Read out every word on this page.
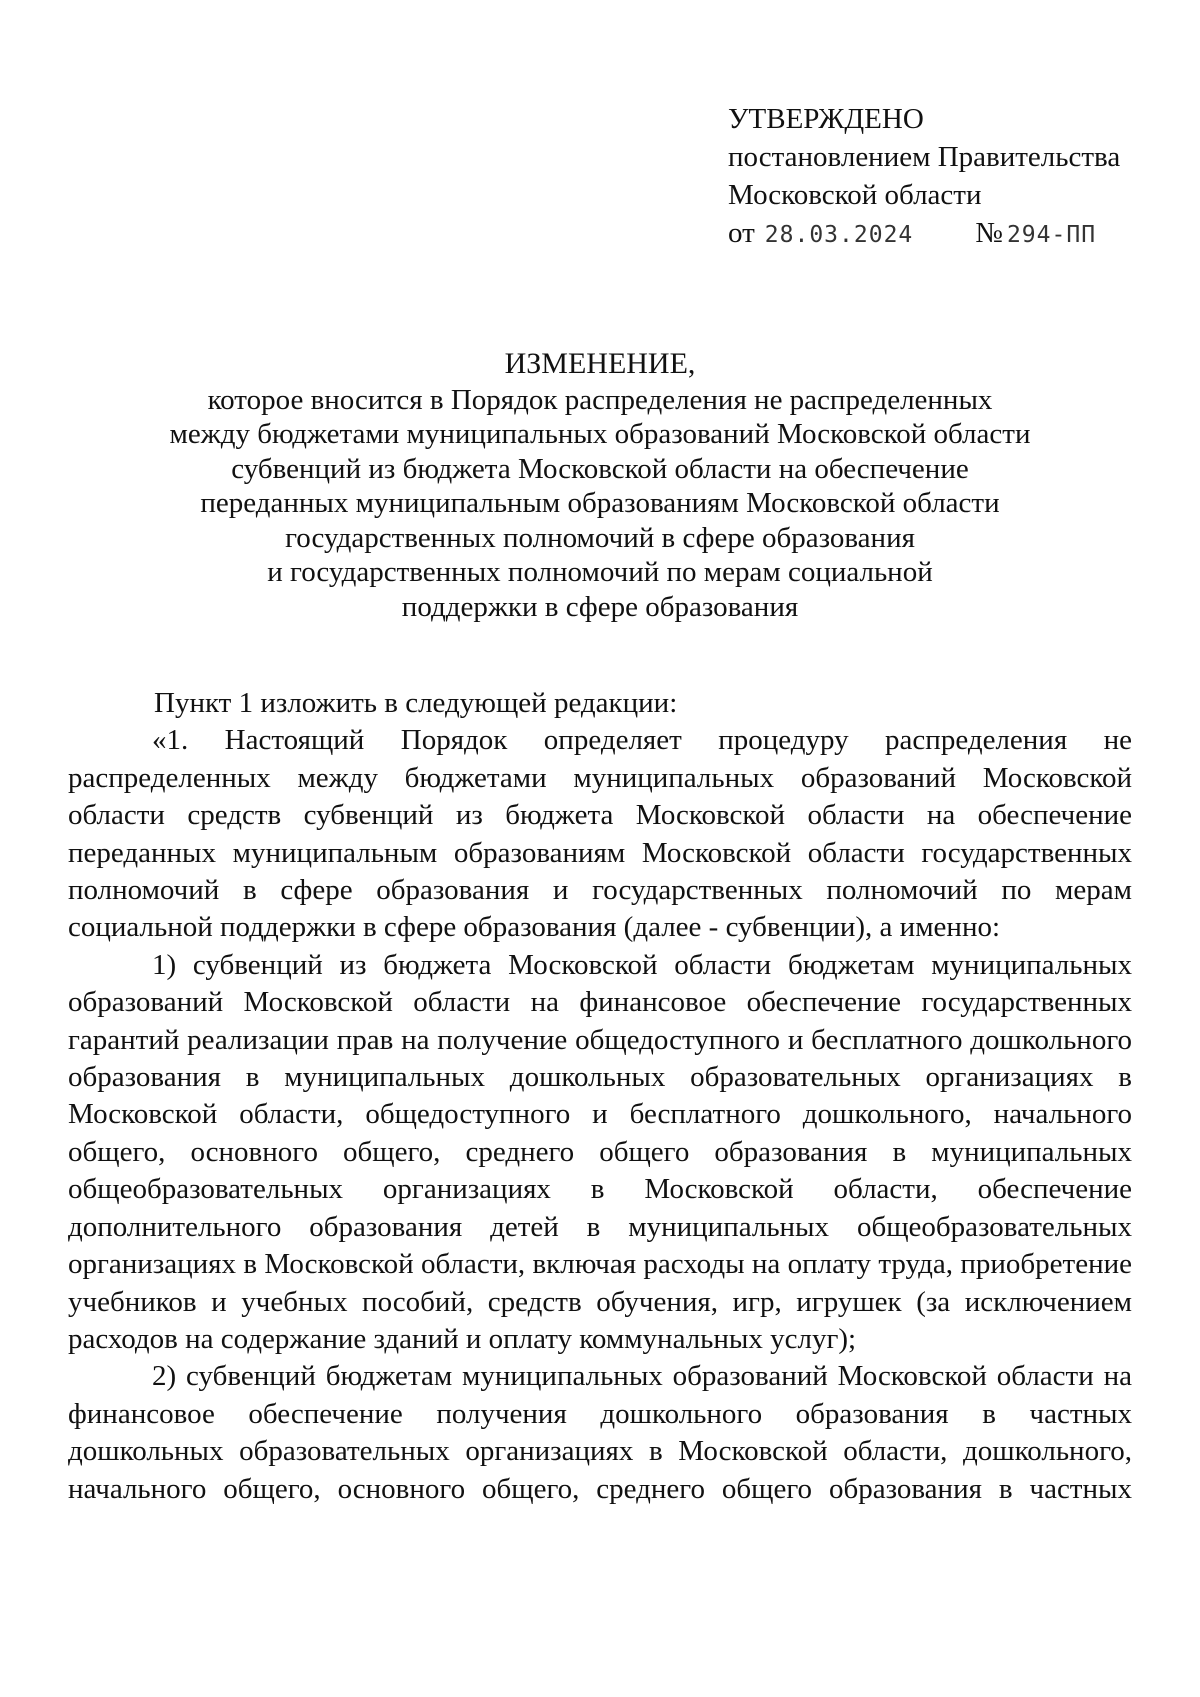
УТВЕРЖДЕНО
постановлением Правительства
Московской области
от 28.03.2024 № 294-ПП
ИЗМЕНЕНИЕ,
которое вносится в Порядок распределения не распределенных
между бюджетами муниципальных образований Московской области
субвенций из бюджета Московской области на обеспечение
переданных муниципальным образованиям Московской области
государственных полномочий в сфере образования
и государственных полномочий по мерам социальной
поддержки в сфере образования

Пункт 1 изложить в следующей редакции:

«1. Настоящий Порядок определяет процедуру распределения не распределенных между бюджетами муниципальных образований Московской области средств субвенций из бюджета Московской области на обеспечение переданных муниципальным образованиям Московской области государственных полномочий в сфере образования и государственных полномочий по мерам социальной поддержки в сфере образования (далее - субвенции), а именно:

1) субвенций из бюджета Московской области бюджетам муниципальных образований Московской области на финансовое обеспечение государственных гарантий реализации прав на получение общедоступного и бесплатного дошкольного образования в муниципальных дошкольных образовательных организациях в Московской области, общедоступного и бесплатного дошкольного, начального общего, основного общего, среднего общего образования в муниципальных общеобразовательных организациях в Московской области, обеспечение дополнительного образования детей в муниципальных общеобразовательных организациях в Московской области, включая расходы на оплату труда, приобретение учебников и учебных пособий, средств обучения, игр, игрушек (за исключением расходов на содержание зданий и оплату коммунальных услуг);

2) субвенций бюджетам муниципальных образований Московской области на финансовое обеспечение получения дошкольного образования в частных дошкольных образовательных организациях в Московской области, дошкольного, начального общего, основного общего, среднего общего образования в частных
